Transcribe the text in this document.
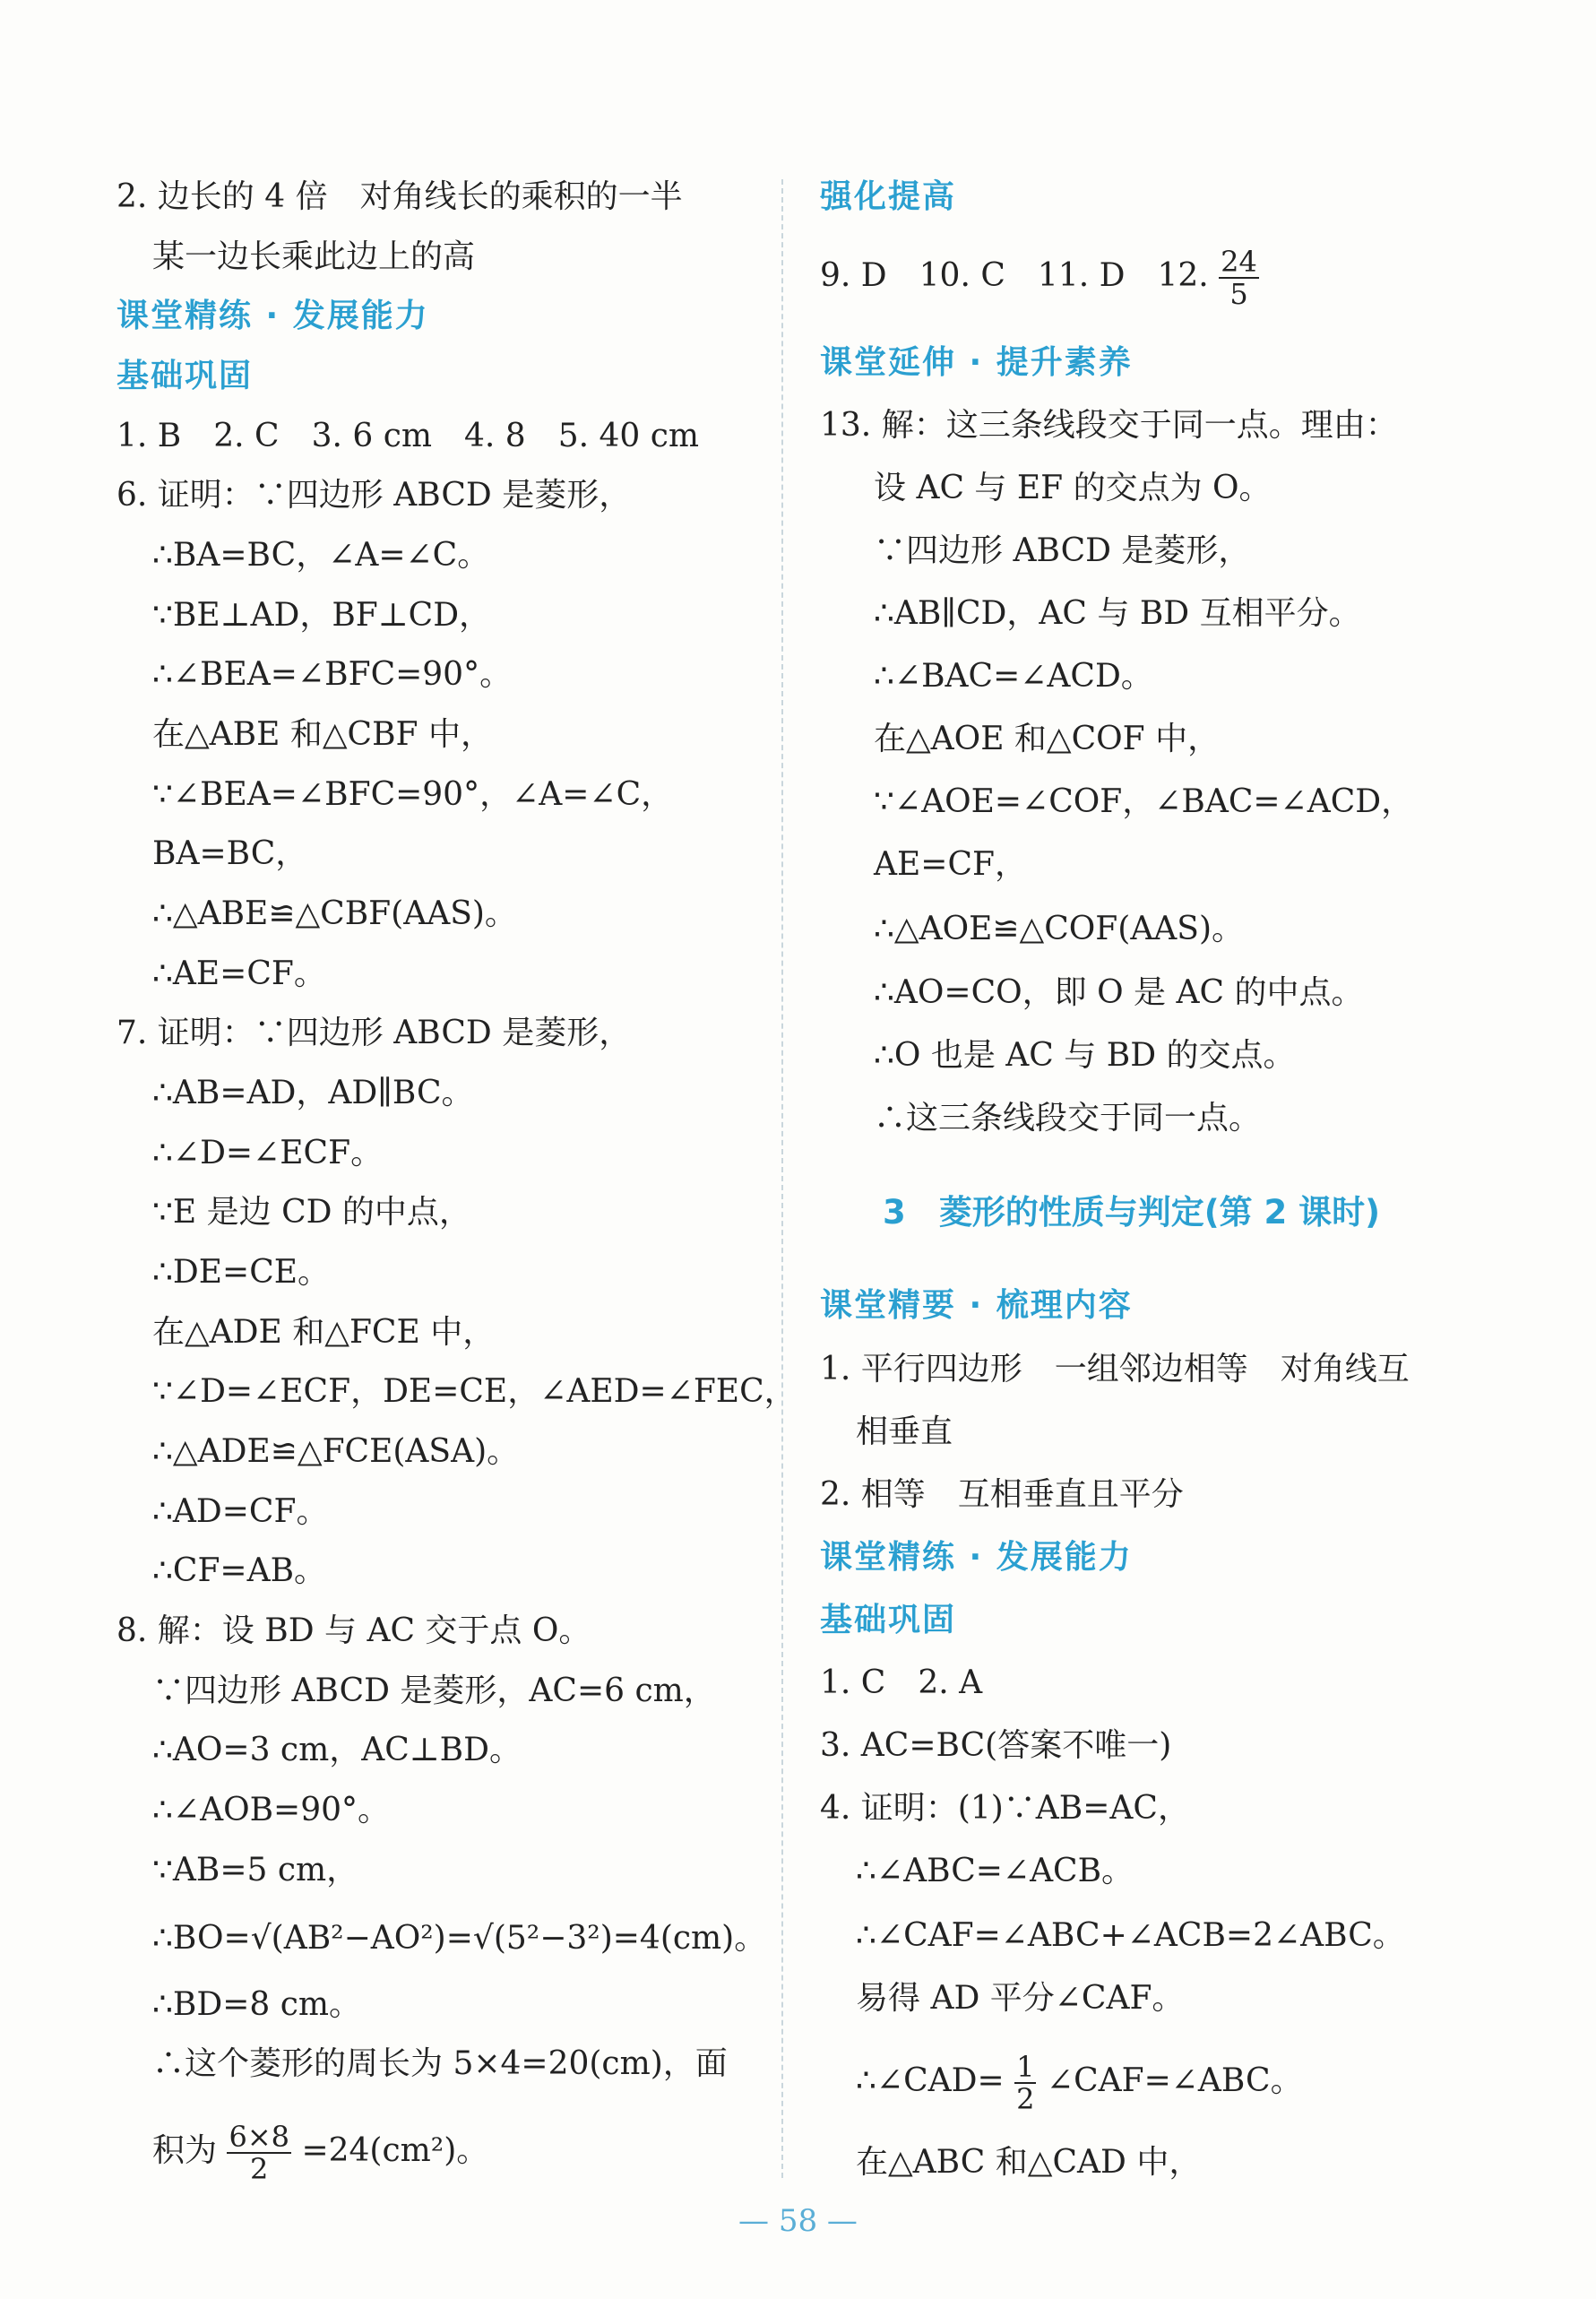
2. 边长的 4 倍　对角线长的乘积的一半
某一边长乘此边上的高
课堂精练 · 发展能力
基础巩固
1. B　2. C　3. 6 cm　4. 8　5. 40 cm
6. 证明：∵四边形 ABCD 是菱形，
∴BA=BC，∠A=∠C。
∵BE⊥AD，BF⊥CD，
∴∠BEA=∠BFC=90°。
在△ABE 和△CBF 中，
∵∠BEA=∠BFC=90°，∠A=∠C，
BA=BC，
∴△ABE≌△CBF(AAS)。
∴AE=CF。
7. 证明：∵四边形 ABCD 是菱形，
∴AB=AD，AD∥BC。
∴∠D=∠ECF。
∵E 是边 CD 的中点，
∴DE=CE。
在△ADE 和△FCE 中，
∵∠D=∠ECF，DE=CE，∠AED=∠FEC，
∴△ADE≌△FCE(ASA)。
∴AD=CF。
∴CF=AB。
8. 解：设 BD 与 AC 交于点 O。
∵四边形 ABCD 是菱形，AC=6 cm，
∴AO=3 cm，AC⊥BD。
∴∠AOB=90°。
∵AB=5 cm，
∴BO=√(AB²−AO²)=√(5²−3²)=4(cm)。
∴BD=8 cm。
∴这个菱形的周长为 5×4=20(cm)，面
积为 $\frac{6\times 8}{2} =24(cm^2)$。
强化提高
9. D　10. C　11. D　12. $\frac{24}{5}$
课堂延伸 · 提升素养
13. 解：这三条线段交于同一点。理由：
设 AC 与 EF 的交点为 O。
∵四边形 ABCD 是菱形，
∴AB∥CD，AC 与 BD 互相平分。
∴∠BAC=∠ACD。
在△AOE 和△COF 中，
∵∠AOE=∠COF，∠BAC=∠ACD，
AE=CF，
∴△AOE≌△COF(AAS)。
∴AO=CO，即 O 是 AC 的中点。
∴O 也是 AC 与 BD 的交点。
∴这三条线段交于同一点。
3　菱形的性质与判定(第 2 课时)
课堂精要 · 梳理内容
1. 平行四边形　一组邻边相等　对角线互
相垂直
2. 相等　互相垂直且平分
课堂精练 · 发展能力
基础巩固
1. C　2. A
3. AC=BC(答案不唯一)
4. 证明：(1)∵AB=AC，
∴∠ABC=∠ACB。
∴∠CAF=∠ABC+∠ACB=2∠ABC。
易得 AD 平分∠CAF。
∴∠CAD= $\frac{1}{2}$ ∠CAF=∠ABC。
在△ABC 和△CAD 中，
— 58 —
